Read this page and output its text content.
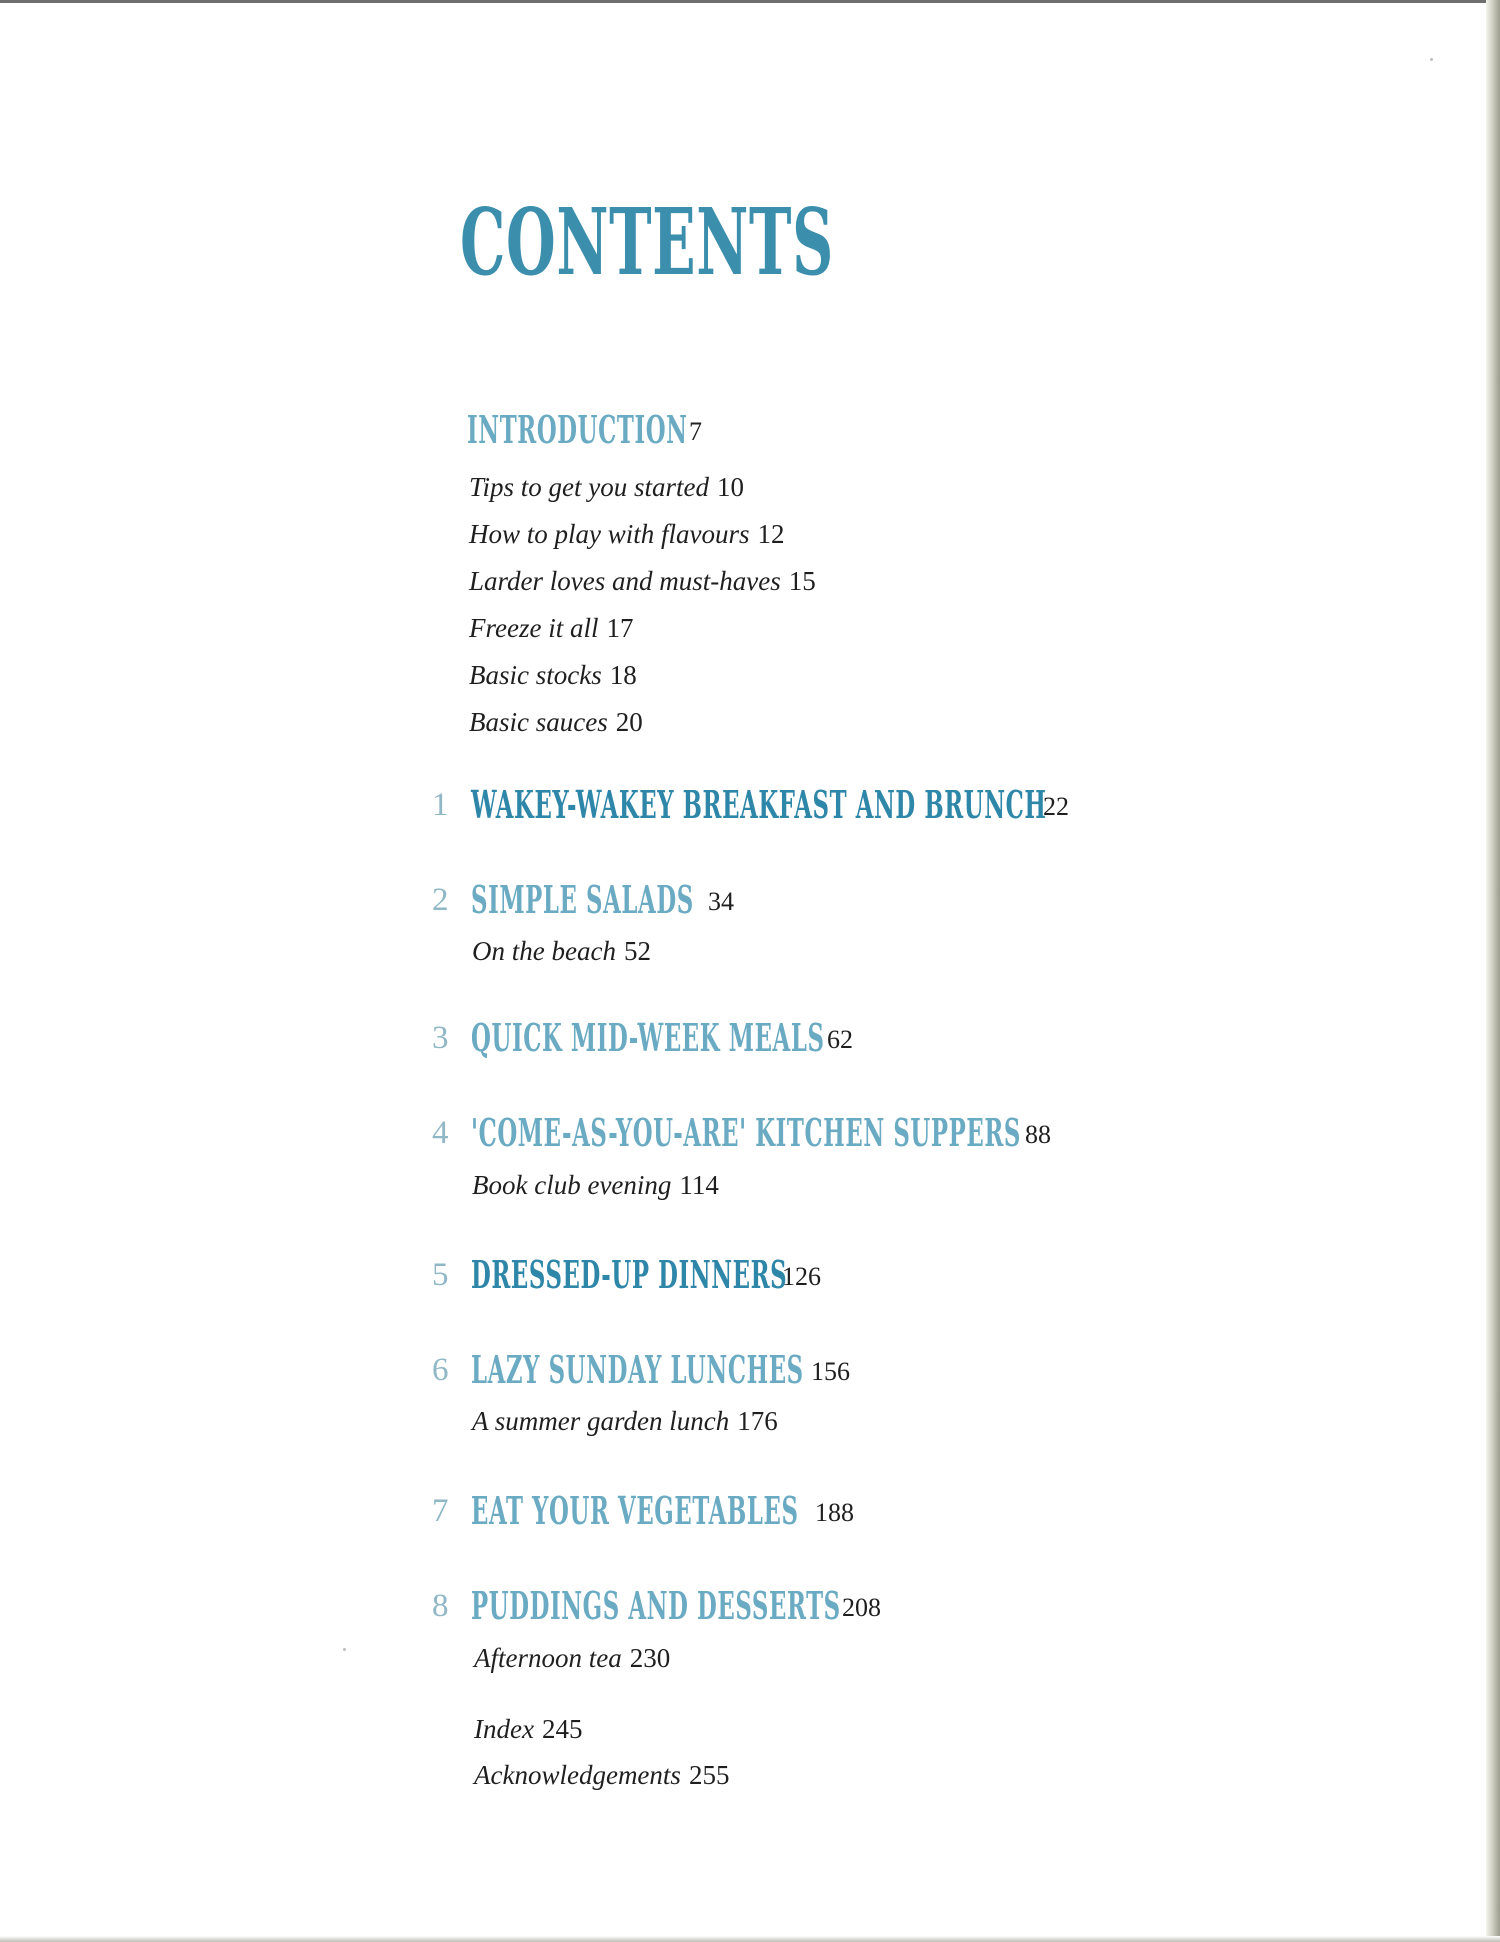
CONTENTS
INTRODUCTION 7
Tips to get you started 10
How to play with flavours 12
Larder loves and must-haves 15
Freeze it all 17
Basic stocks 18
Basic sauces 20
1 WAKEY-WAKEY BREAKFAST AND BRUNCH
22
2 SIMPLE SALADS 34
On the beach 52
3 QUICK MID-WEEK MEALS 62
4 'COME-AS-YOU-ARE' KITCHEN SUPPERS 88
Book club evening 114
5 DRESSED-UP DINNERS
126
6 LAZY SUNDAY LUNCHES 156
A summer garden lunch 176
7 EAT YOUR VEGETABLES 188
8 PUDDINGS AND DESSERTS 208
Afternoon tea 230
Index 245
Acknowledgements 255
